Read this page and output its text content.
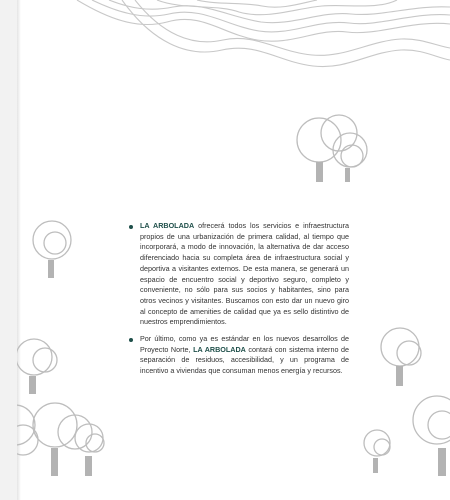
LA ARBOLADA ofrecerá todos los servicios e infraestructura propios de una urbanización de primera calidad, al tiempo que incorporará, a modo de innovación, la alternativa de dar acceso diferenciado hacia su completa área de infraestructura social y deportiva a visitantes externos. De esta manera, se generará un espacio de encuentro social y deportivo seguro, completo y conveniente, no sólo para sus socios y habitantes, sino para otros vecinos y visitantes. Buscamos con esto dar un nuevo giro al concepto de amenities de calidad que ya es sello distintivo de nuestros emprendimientos.

Por último, como ya es estándar en los nuevos desarrollos de Proyecto Norte, LA ARBOLADA contará con sistema interno de separación de residuos, accesibilidad, y un programa de incentivo a viviendas que consuman menos energía y recursos.
